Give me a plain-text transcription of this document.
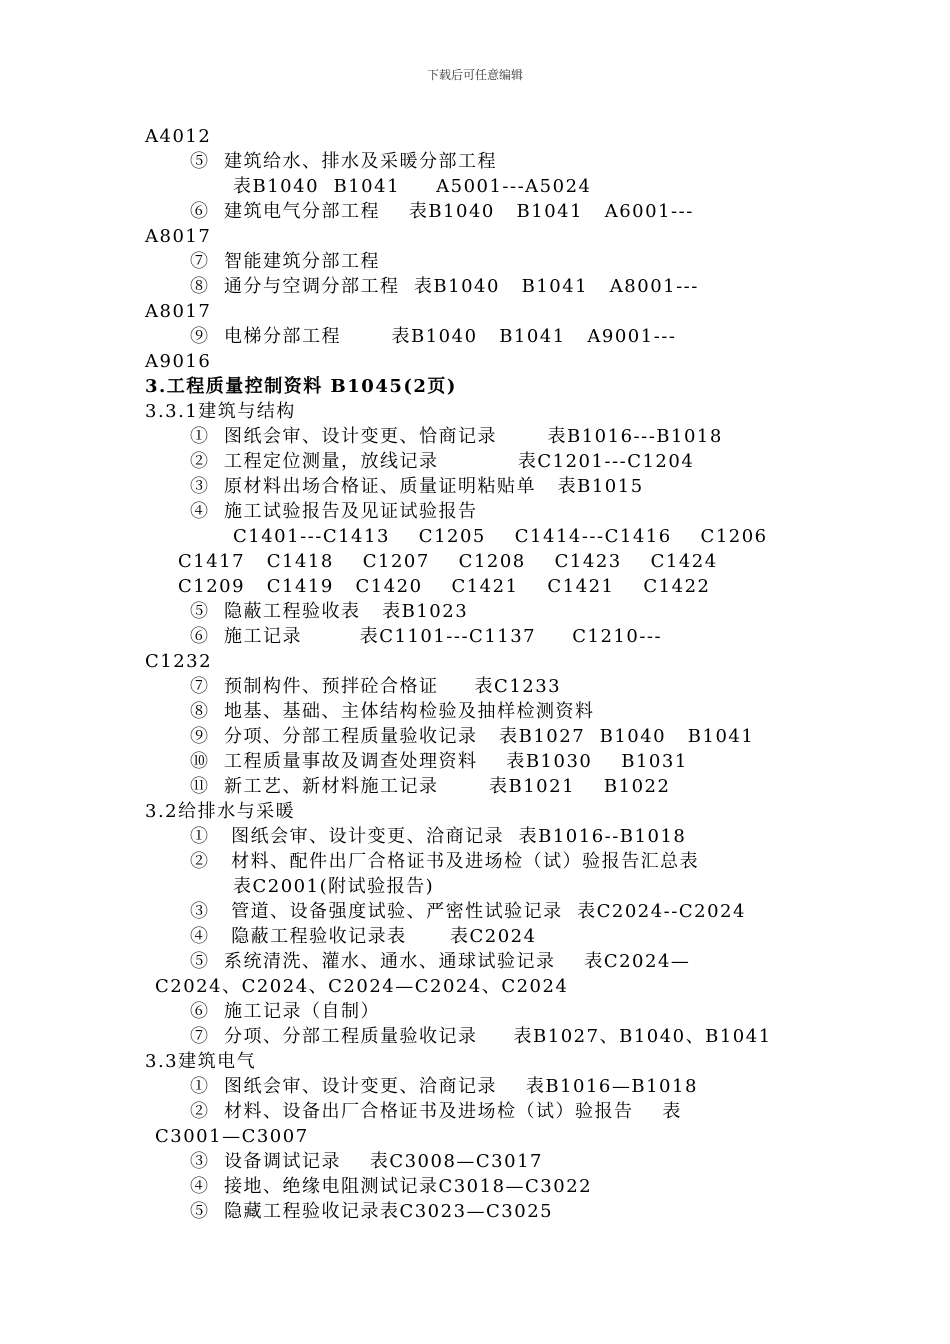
下载后可任意编辑
A4012
⑤  建筑给水、排水及采暖分部工程
表B1040  B1041     A5001---A5024
⑥  建筑电气分部工程    表B1040   B1041   A6001---
A8017
⑦  智能建筑分部工程
⑧  通分与空调分部工程  表B1040   B1041   A8001---
A8017
⑨  电梯分部工程       表B1040   B1041   A9001---
A9016
3.工程质量控制资料 B1045(2页)
3.3.1建筑与结构
①  图纸会审、设计变更、恰商记录       表B1016---B1018
②  工程定位测量，放线记录           表C1201---C1204
③  原材料出场合格证、质量证明粘贴单   表B1015
④  施工试验报告及见证试验报告
C1401---C1413    C1205    C1414---C1416    C1206
C1417   C1418    C1207    C1208    C1423    C1424
C1209   C1419   C1420    C1421    C1421    C1422
⑤  隐蔽工程验收表   表B1023
⑥  施工记录        表C1101---C1137     C1210---
C1232
⑦  预制构件、预拌砼合格证     表C1233
⑧  地基、基础、主体结构检验及抽样检测资料
⑨  分项、分部工程质量验收记录   表B1027  B1040   B1041
⑩  工程质量事故及调查处理资料    表B1030    B1031
⑪  新工艺、新材料施工记录       表B1021    B1022
3.2给排水与采暖
①   图纸会审、设计变更、洽商记录  表B1016--B1018
②   材料、配件出厂合格证书及进场检（试）验报告汇总表
表C2001(附试验报告)
③   管道、设备强度试验、严密性试验记录  表C2024--C2024
④   隐蔽工程验收记录表      表C2024
⑤  系统清洗、灌水、通水、通球试验记录    表C2024—
C2024、C2024、C2024—C2024、C2024
⑥  施工记录（自制）
⑦  分项、分部工程质量验收记录     表B1027、B1040、B1041
3.3建筑电气
①  图纸会审、设计变更、洽商记录    表B1016—B1018
②  材料、设备出厂合格证书及进场检（试）验报告    表
C3001—C3007
③  设备调试记录    表C3008—C3017
④  接地、绝缘电阻测试记录C3018—C3022
⑤  隐藏工程验收记录表C3023—C3025
